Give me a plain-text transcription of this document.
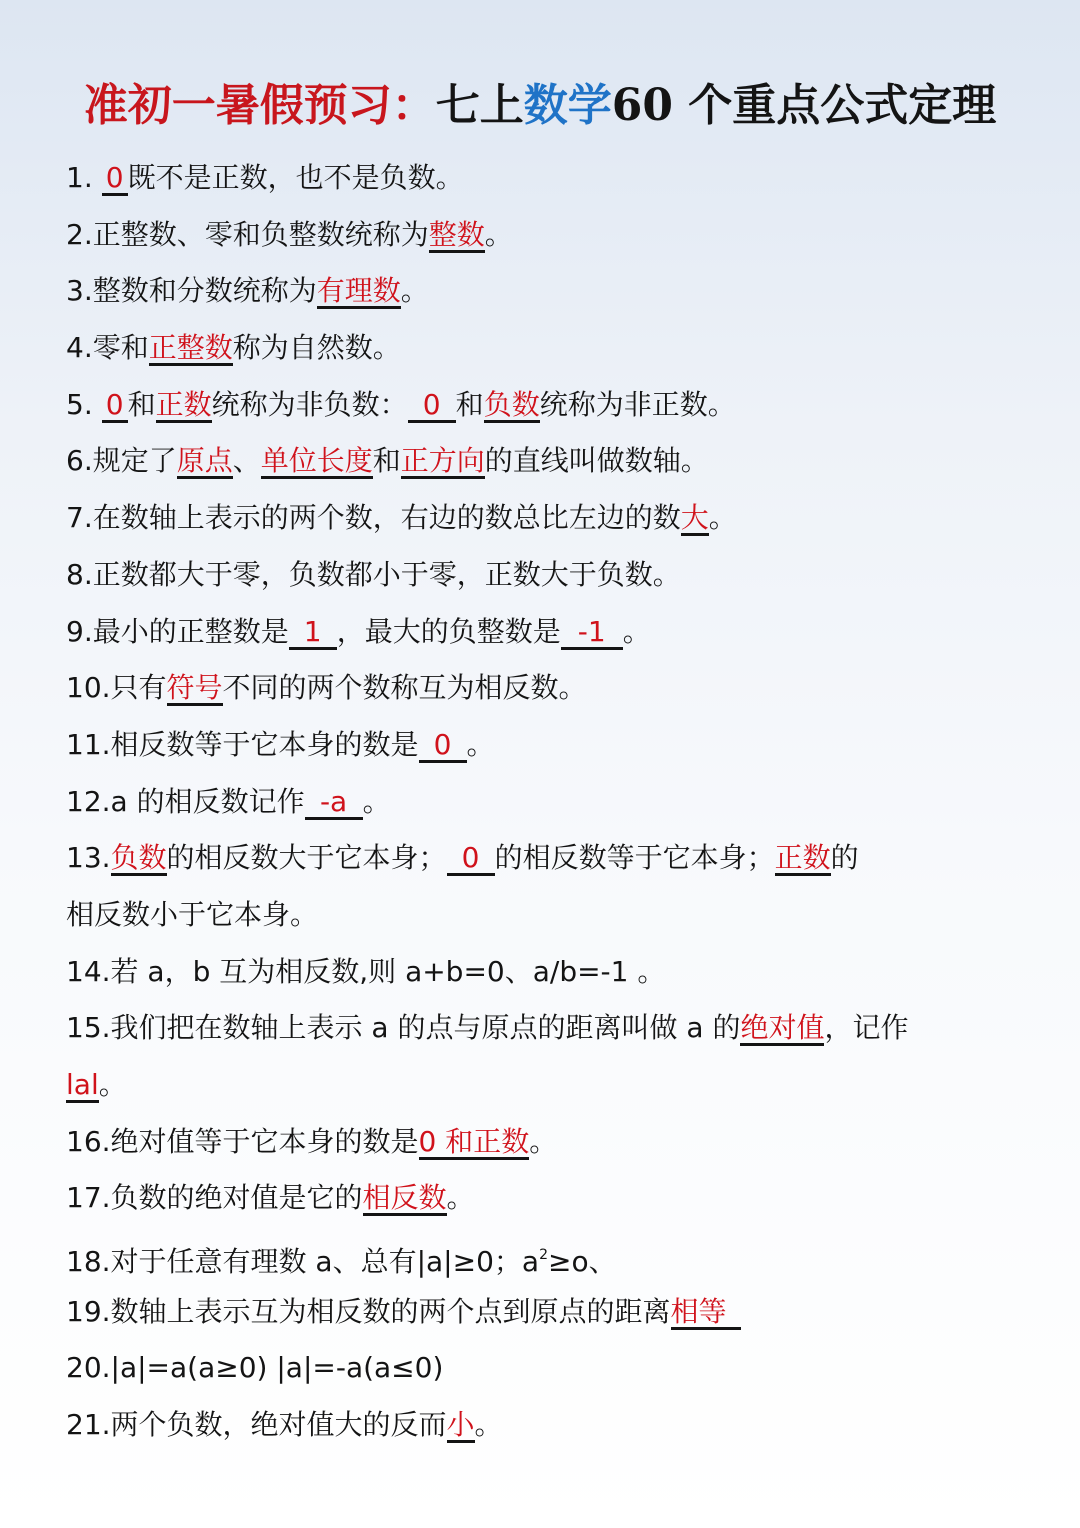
准初一暑假预习：七上数学60 个重点公式定理
1. 0 既不是正数，也不是负数。
2.正整数、零和负整数统称为整数。
3.整数和分数统称为有理数。
4.零和正整数称为自然数。
5. 0 和正数统称为非负数： 0 和负数统称为非正数。
6.规定了原点、单位长度和正方向的直线叫做数轴。
7.在数轴上表示的两个数，右边的数总比左边的数大。
8.正数都大于零，负数都小于零，正数大于负数。
9.最小的正整数是 1 ，最大的负整数是 -1 。
10.只有符号不同的两个数称互为相反数。
11.相反数等于它本身的数是 0 。
12.a 的相反数记作 -a 。
13.负数的相反数大于它本身； 0 的相反数等于它本身；正数的
相反数小于它本身。
14.若 a，b 互为相反数,则 a+b=0、a/b=-1 。
15.我们把在数轴上表示 a 的点与原点的距离叫做 a 的绝对值，记作
lal。
16.绝对值等于它本身的数是0 和正数。
17.负数的绝对值是它的相反数。
18.对于任意有理数 a、总有|a|≥0；$a^2\ge o$、
19.数轴上表示互为相反数的两个点到原点的距离相等
20.|a|=a(a≥0) |a|=-a(a≤0)
21.两个负数，绝对值大的反而小。
